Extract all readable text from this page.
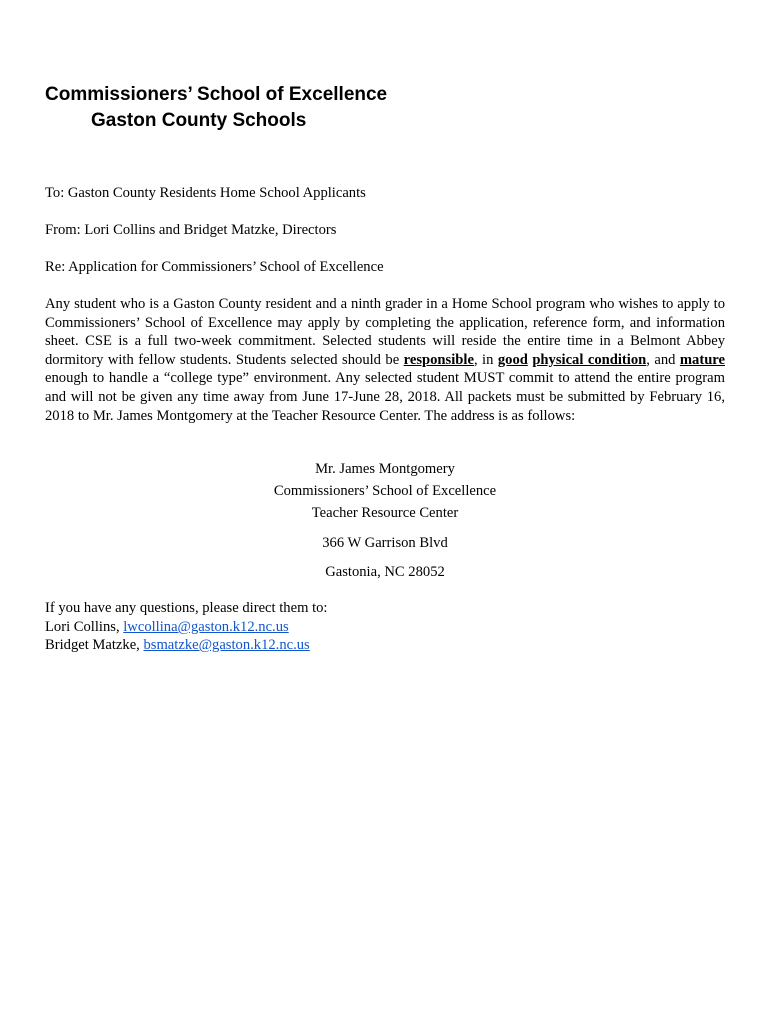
Commissioners’ School of Excellence
Gaston County Schools
To: Gaston County Residents Home School Applicants
From: Lori Collins and Bridget Matzke, Directors
Re: Application for Commissioners’ School of Excellence

Any student who is a Gaston County resident and a ninth grader in a Home School program who wishes to apply to Commissioners’ School of Excellence may apply by completing the application, reference form, and information sheet. CSE is a full two-week commitment. Selected students will reside the entire time in a Belmont Abbey dormitory with fellow students. Students selected should be responsible, in good physical condition, and mature enough to handle a “college type” environment. Any selected student MUST commit to attend the entire program and will not be given any time away from June 17-June 28, 2018. All packets must be submitted by February 16, 2018 to Mr. James Montgomery at the Teacher Resource Center. The address is as follows:

Mr. James Montgomery
Commissioners’ School of Excellence
Teacher Resource Center
366 W Garrison Blvd
Gastonia, NC 28052
If you have any questions, please direct them to:
Lori Collins, lwcollina@gaston.k12.nc.us
Bridget Matzke, bsmatzke@gaston.k12.nc.us
